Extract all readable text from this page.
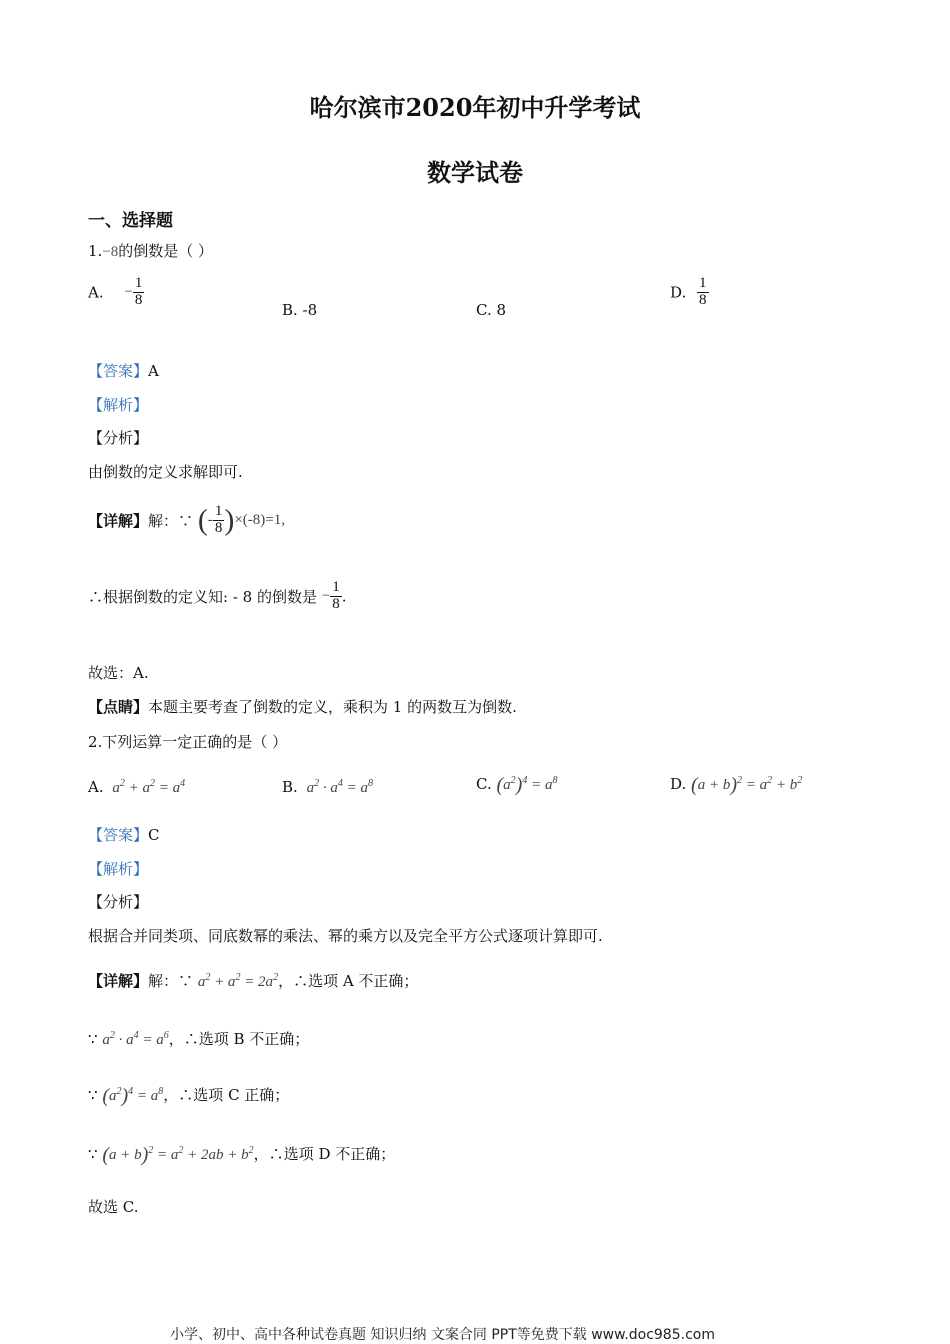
哈尔滨市2020年初中升学考试
数学试卷
一、选择题
1.−8的倒数是（ ）
A. − $\frac{1}{8}$
B. -8	C. 8
D. $\frac{1}{8}$
【答案】A
【解析】
【分析】
由倒数的定义求解即可.
【详解】解：∵ (- $\frac{1}{8} )\times(-8)=1$,
∴根据倒数的定义知: - 8 的倒数是 − $\frac{1}{8}$ .
故选：A.
【点睛】本题主要考查了倒数的定义，乘积为 1 的两数互为倒数.
2.下列运算一定正确的是（ ）
A. $a^2 + a^2 = a^4$	B. $a^2 \cdot a^4 = a^8$	C. $(a^2)^4 = a^8$	D. $(a + b)^2 = a^2 + b^2$
【答案】C
【解析】
【分析】
根据合并同类项、同底数幂的乘法、幂的乘方以及完全平方公式逐项计算即可.
【详解】解：∵ $a^2 + a^2 = 2a^2$，∴选项 A 不正确；
∵ $a^2 \cdot a^4 = a^6$，∴选项 B 不正确；
∵ $(a^2)^4 = a^8$，∴选项 C 正确；
∵ $(a + b)^2 = a^2 + 2ab + b^2$，∴选项 D 不正确；
故选 C.
小学、初中、高中各种试卷真题 知识归纳 文案合同 PPT等免费下载 www.doc985.com
